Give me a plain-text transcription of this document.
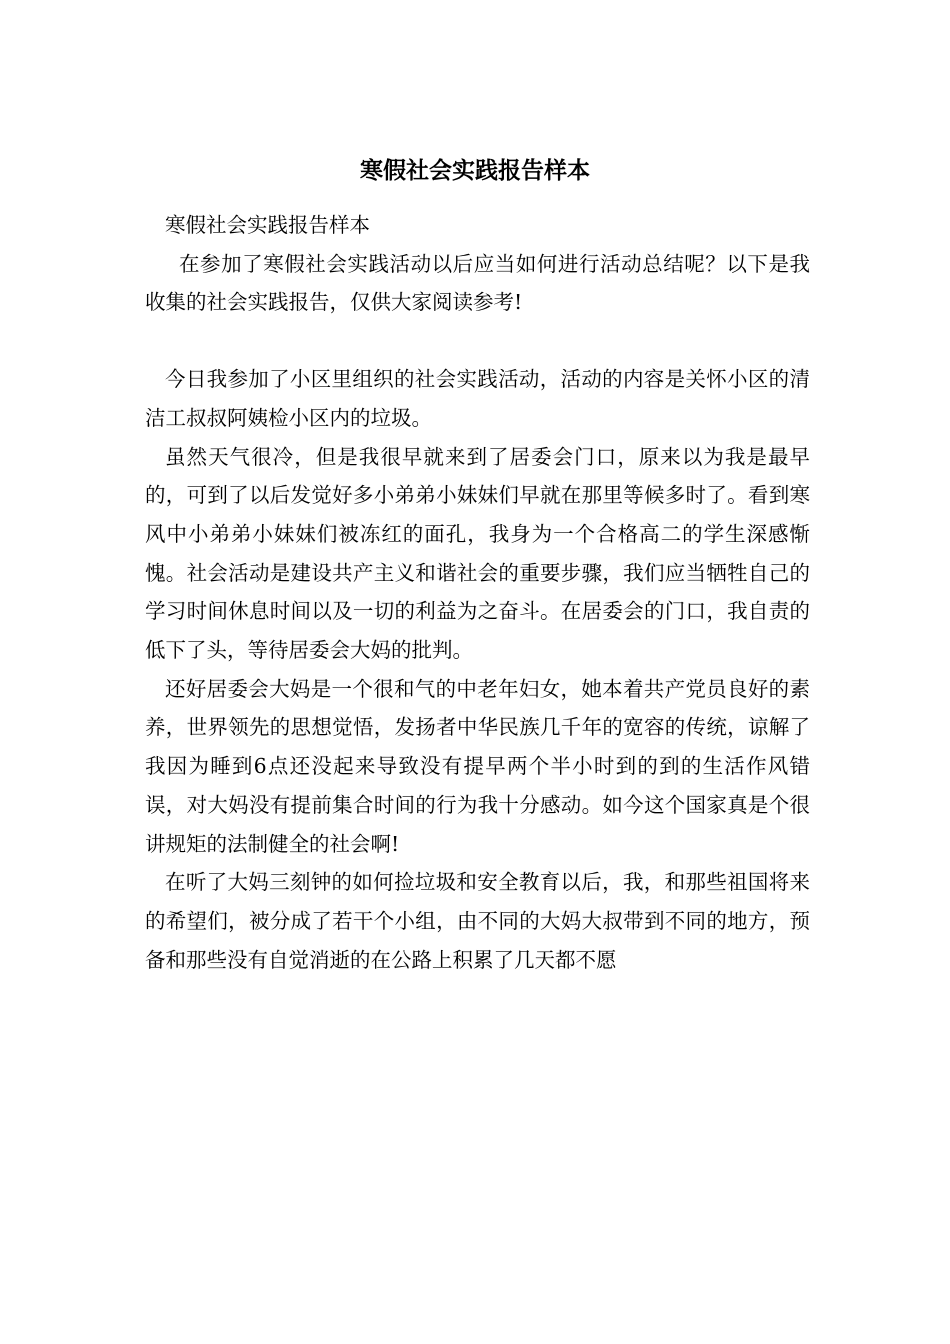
寒假社会实践报告样本

寒假社会实践报告样本

在参加了寒假社会实践活动以后应当如何进行活动总结呢？以下是我收集的社会实践报告，仅供大家阅读参考!

今日我参加了小区里组织的社会实践活动，活动的内容是关怀小区的清洁工叔叔阿姨检小区内的垃圾。

虽然天气很冷，但是我很早就来到了居委会门口，原来以为我是最早的，可到了以后发觉好多小弟弟小妹妹们早就在那里等候多时了。看到寒风中小弟弟小妹妹们被冻红的面孔，我身为一个合格高二的学生深感惭愧。社会活动是建设共产主义和谐社会的重要步骤，我们应当牺牲自己的学习时间休息时间以及一切的利益为之奋斗。在居委会的门口，我自责的低下了头，等待居委会大妈的批判。

还好居委会大妈是一个很和气的中老年妇女，她本着共产党员良好的素养，世界领先的思想觉悟，发扬者中华民族几千年的宽容的传统，谅解了我因为睡到6点还没起来导致没有提早两个半小时到的到的生活作风错误，对大妈没有提前集合时间的行为我十分感动。如今这个国家真是个很讲规矩的法制健全的社会啊!

在听了大妈三刻钟的如何捡垃圾和安全教育以后，我，和那些祖国将来的希望们，被分成了若干个小组，由不同的大妈大叔带到不同的地方，预备和那些没有自觉消逝的在公路上积累了几天都不愿
